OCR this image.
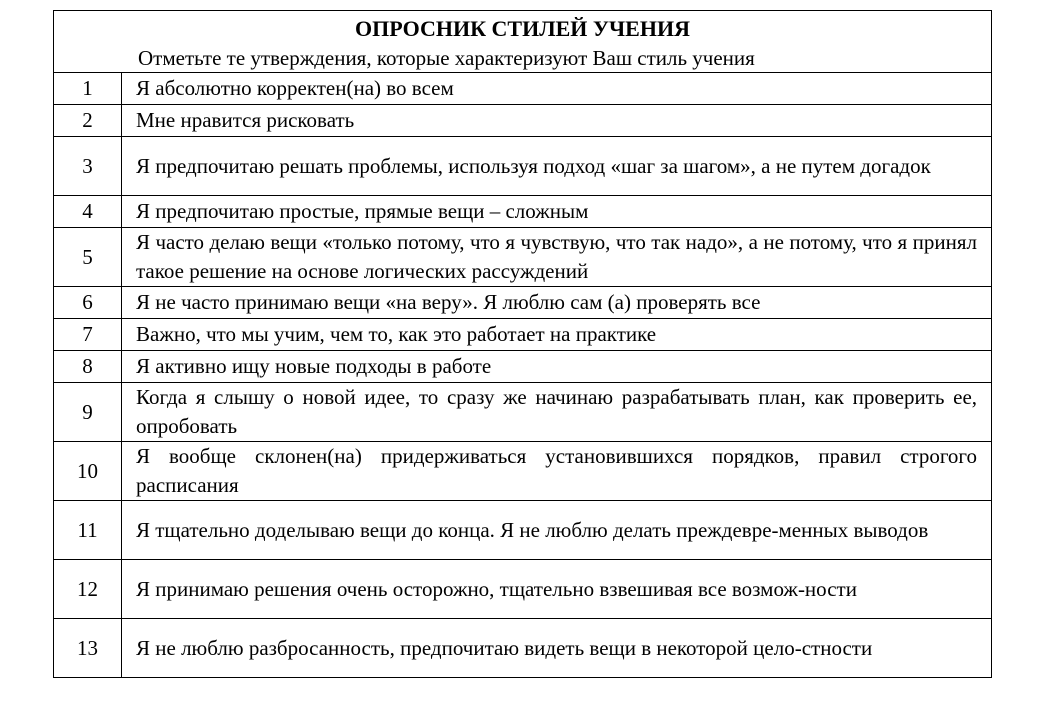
ОПРОСНИК СТИЛЕЙ УЧЕНИЯ
Отметьте те утверждения, которые характеризуют Ваш стиль учения	

1	Я абсолютно корректен(на) во всем
2	Мне нравится рисковать
3	Я предпочитаю решать проблемы, используя подход «шаг за шагом», а не путем догадок
4	Я предпочитаю простые, прямые вещи – сложным
5	Я часто делаю вещи «только потому, что я чувствую, что так надо», а не потому, что я принял такое решение на основе логических рассуждений
6	Я не часто принимаю вещи «на веру». Я люблю сам (а) проверять все
7	Важно, что мы учим, чем то, как это работает на практике
8	Я активно ищу новые подходы в работе
9	Когда я слышу о новой идее, то сразу же начинаю разрабатывать план, как проверить ее, опробовать
10	Я вообще склонен(на) придерживаться установившихся порядков, правил строгого расписания
11	Я тщательно доделываю вещи до конца. Я не люблю делать преждевре-менных выводов
12	Я принимаю решения очень осторожно, тщательно взвешивая все возмож-ности
13	Я не люблю разбросанность, предпочитаю видеть вещи в некоторой цело-стности
